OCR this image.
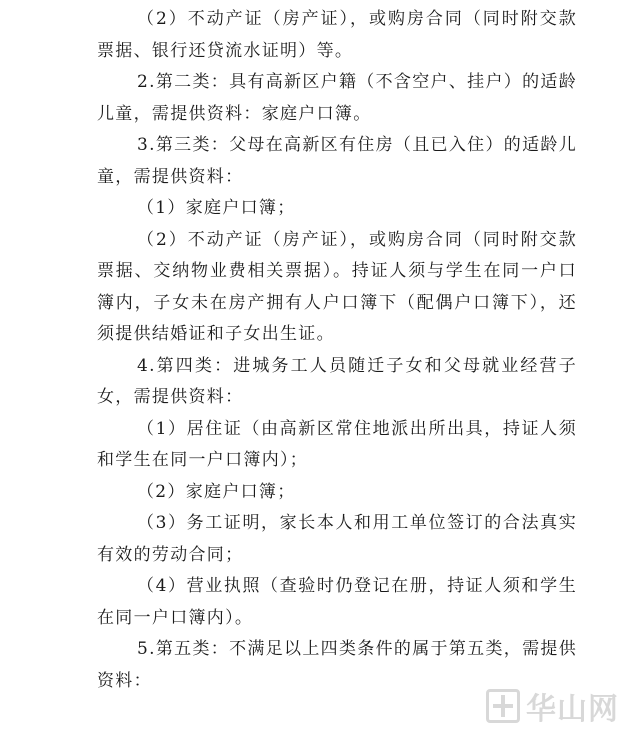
（2）不动产证（房产证），或购房合同（同时附交款票据、银行还贷流水证明）等。

2.第二类：具有高新区户籍（不含空户、挂户）的适龄儿童，需提供资料：家庭户口簿。

3.第三类：父母在高新区有住房（且已入住）的适龄儿童，需提供资料：

（1）家庭户口簿；

（2）不动产证（房产证），或购房合同（同时附交款票据、交纳物业费相关票据）。持证人须与学生在同一户口簿内，子女未在房产拥有人户口簿下（配偶户口簿下），还须提供结婚证和子女出生证。

4.第四类：进城务工人员随迁子女和父母就业经营子女，需提供资料：

（1）居住证（由高新区常住地派出所出具，持证人须和学生在同一户口簿内）；

（2）家庭户口簿；

（3）务工证明，家长本人和用工单位签订的合法真实有效的劳动合同；

（4）营业执照（查验时仍登记在册，持证人须和学生在同一户口簿内）。

5.第五类：不满足以上四类条件的属于第五类，需提供资料：

华山网
